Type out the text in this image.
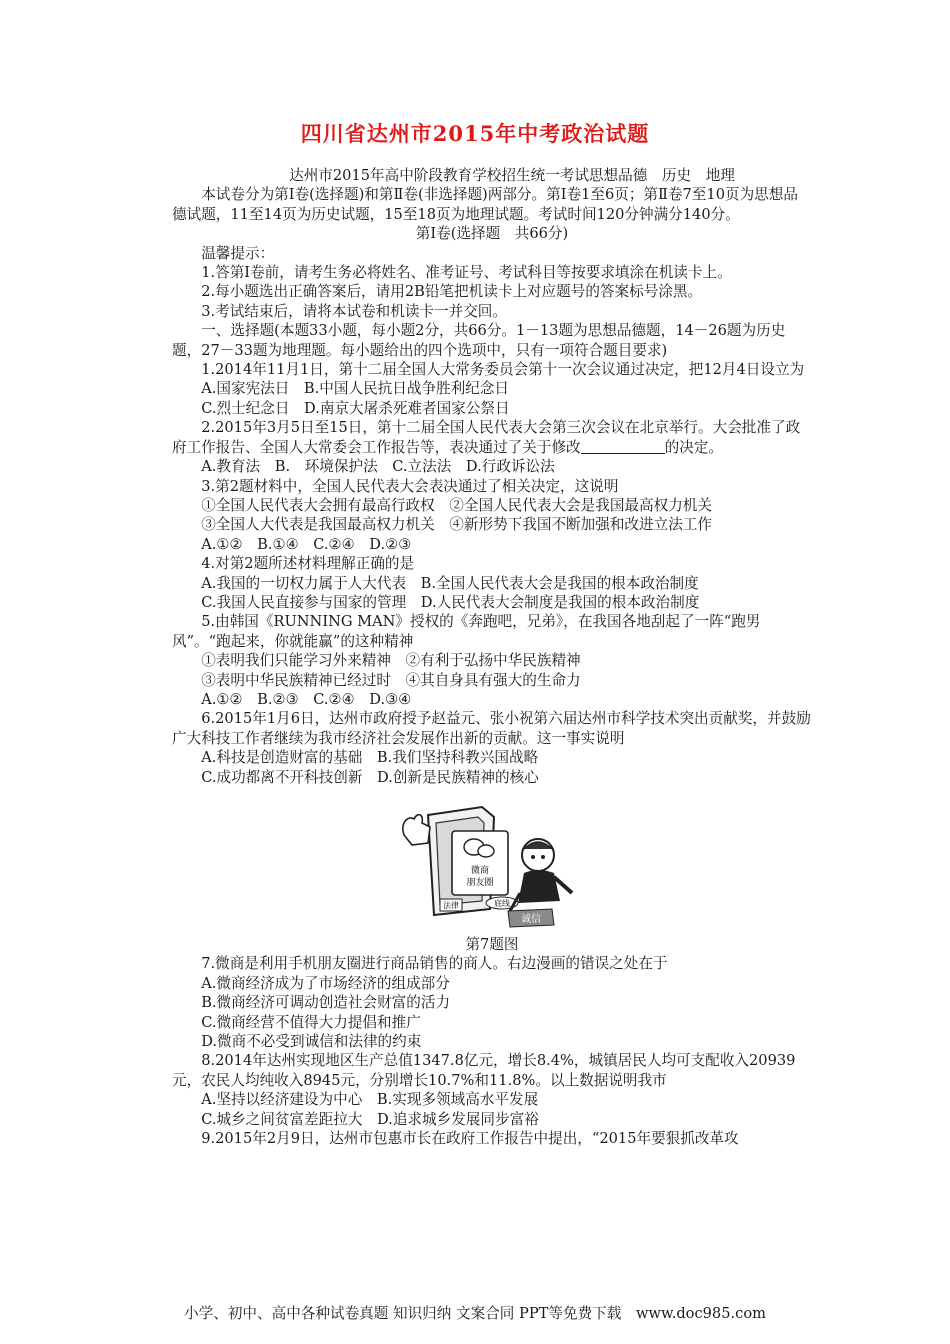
四川省达州市2015年中考政治试题
达州市2015年高中阶段教育学校招生统一考试思想品德　历史　地理
本试卷分为第Ⅰ卷(选择题)和第Ⅱ卷(非选择题)两部分。第Ⅰ卷1至6页；第Ⅱ卷7至10页为思想品德试题，11至14页为历史试题，15至18页为地理试题。考试时间120分钟满分140分。
第Ⅰ卷(选择题　共66分)
温馨提示：
1.答第Ⅰ卷前，请考生务必将姓名、准考证号、考试科目等按要求填涂在机读卡上。
2.每小题选出正确答案后，请用2B铅笔把机读卡上对应题号的答案标号涂黑。
3.考试结束后，请将本试卷和机读卡一并交回。
一、选择题(本题33小题，每小题2分，共66分。1－13题为思想品德题，14－26题为历史题，27－33题为地理题。每小题给出的四个选项中，只有一项符合题目要求)
1.2014年11月1日，第十二届全国人大常务委员会第十一次会议通过决定，把12月4日设立为
A.国家宪法日　B.中国人民抗日战争胜利纪念日
C.烈士纪念日　D.南京大屠杀死难者国家公祭日
2.2015年3月5日至15日，第十二届全国人民代表大会第三次会议在北京举行。大会批准了政府工作报告、全国人大常委会工作报告等，表决通过了关于修改	的决定。
A.教育法　B.　环境保护法　C.立法法　D.行政诉讼法
3.第2题材料中，全国人民代表大会表决通过了相关决定，这说明
①全国人民代表大会拥有最高行政权　②全国人民代表大会是我国最高权力机关
③全国人大代表是我国最高权力机关　④新形势下我国不断加强和改进立法工作
A.①②　B.①④　C.②④　D.②③
4.对第2题所述材料理解正确的是
A.我国的一切权力属于人大代表　B.全国人民代表大会是我国的根本政治制度
C.我国人民直接参与国家的管理　D.人民代表大会制度是我国的根本政治制度
5.由韩国《RUNNING MAN》授权的《奔跑吧，兄弟》，在我国各地刮起了一阵“跑男风”。“跑起来，你就能赢”的这种精神
①表明我们只能学习外来精神　②有利于弘扬中华民族精神
③表明中华民族精神已经过时　④其自身具有强大的生命力
A.①②　B.②③　C.②④　D.③④
6.2015年1月6日，达州市政府授予赵益元、张小祝第六届达州市科学技术突出贡献奖，并鼓励广大科技工作者继续为我市经济社会发展作出新的贡献。这一事实说明
A.科技是创造财富的基础　B.我们坚持科教兴国战略
C.成功都离不开科技创新　D.创新是民族精神的核心
微商
朋友圈
法律	底线
诚信
第7题图
7.微商是利用手机朋友圈进行商品销售的商人。右边漫画的错误之处在于
A.微商经济成为了市场经济的组成部分
B.微商经济可调动创造社会财富的活力
C.微商经营不值得大力提倡和推广
D.微商不必受到诚信和法律的约束
8.2014年达州实现地区生产总值1347.8亿元，增长8.4%，城镇居民人均可支配收入20939元，农民人均纯收入8945元，分别增长10.7%和11.8%。以上数据说明我市
A.坚持以经济建设为中心　B.实现多领域高水平发展
C.城乡之间贫富差距拉大　D.追求城乡发展同步富裕
9.2015年2月9日，达州市包惠市长在政府工作报告中提出，“2015年要狠抓改革攻
小学、初中、高中各种试卷真题 知识归纳 文案合同 PPT等免费下载　www.doc985.com
